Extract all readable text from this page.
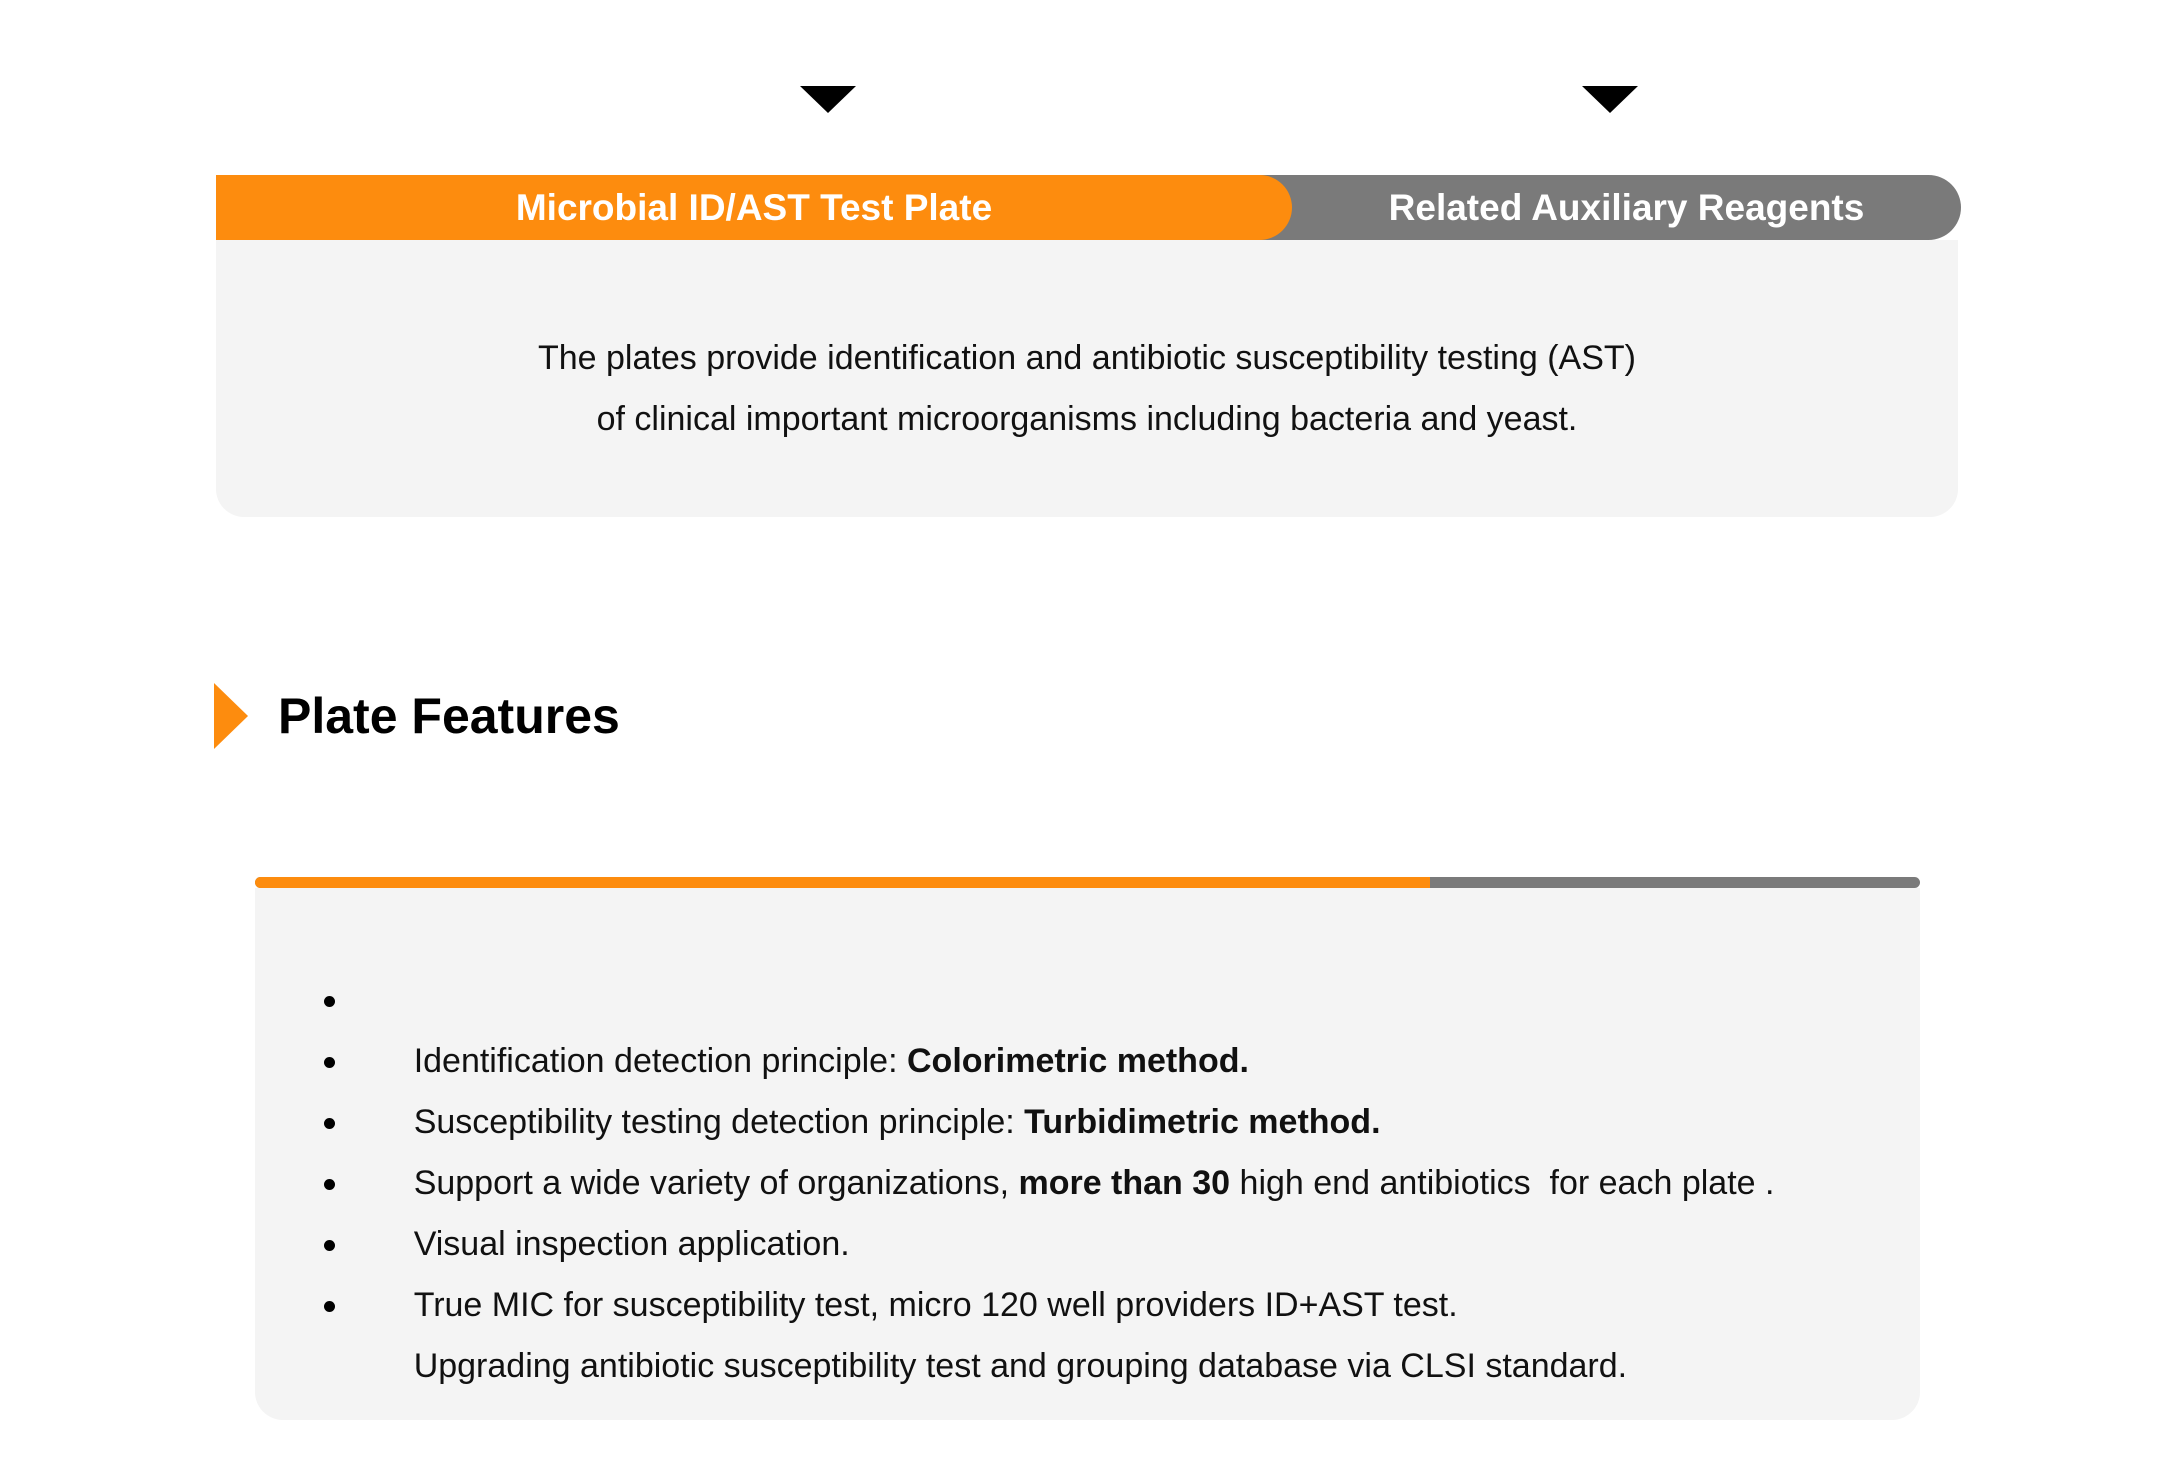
Related Auxiliary Reagents
Microbial ID/AST Test Plate
The plates provide identification and antibiotic susceptibility testing (AST)
of clinical important microorganisms including bacteria and yeast.
Plate Features

Identification detection principle: Colorimetric method.

Susceptibility testing detection principle: Turbidimetric method.

Support a wide variety of organizations, more than 30 high end antibiotics  for each plate .

Visual inspection application.

True MIC for susceptibility test, micro 120 well providers ID+AST test.

Upgrading antibiotic susceptibility test and grouping database via CLSI standard.
